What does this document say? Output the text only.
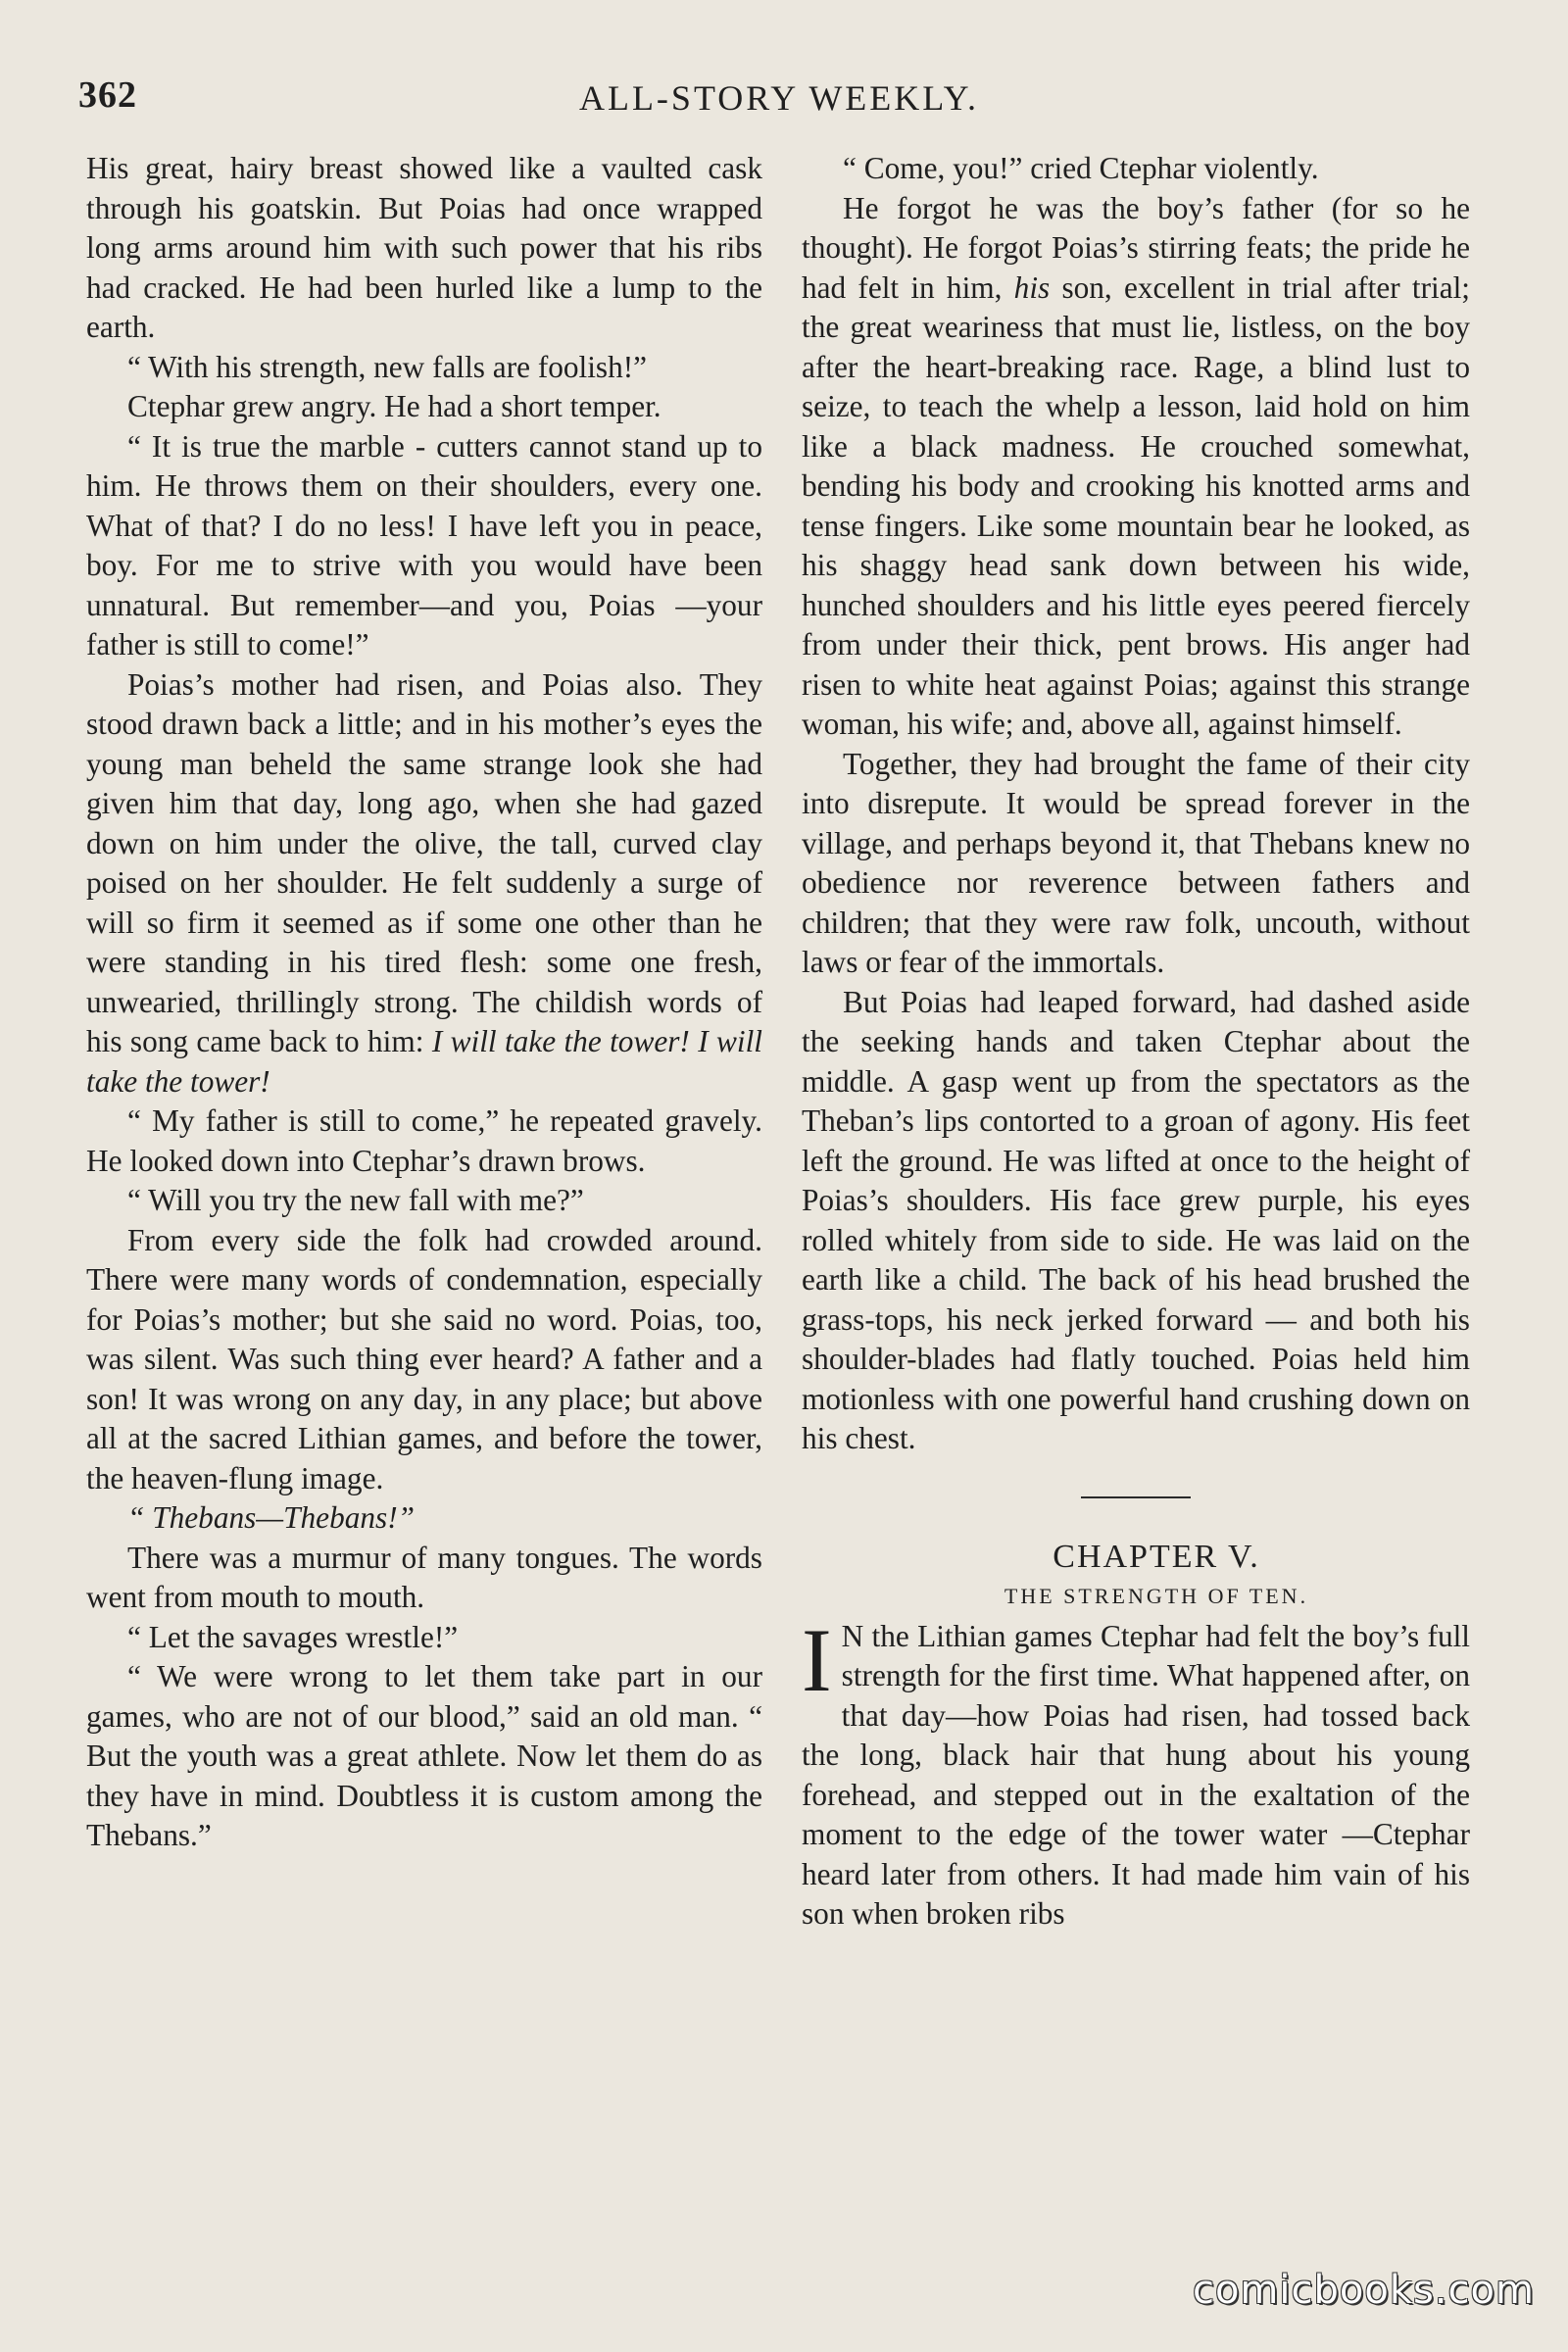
362	ALL-STORY WEEKLY.

His great, hairy breast showed like a vaulted cask through his goatskin. But Poias had once wrapped long arms around him with such power that his ribs had cracked. He had been hurled like a lump to the earth.

“ With his strength, new falls are foolish!”

Ctephar grew angry. He had a short temper.

“ It is true the marble - cutters cannot stand up to him. He throws them on their shoulders, every one. What of that? I do no less! I have left you in peace, boy. For me to strive with you would have been unnatural. But remember—and you, Poias —your father is still to come!”

Poias’s mother had risen, and Poias also. They stood drawn back a little; and in his mother’s eyes the young man beheld the same strange look she had given him that day, long ago, when she had gazed down on him under the olive, the tall, curved clay poised on her shoulder. He felt suddenly a surge of will so firm it seemed as if some one other than he were standing in his tired flesh: some one fresh, unwearied, thrillingly strong. The childish words of his song came back to him: I will take the tower! I will take the tower!

“ My father is still to come,” he repeated gravely. He looked down into Ctephar’s drawn brows.

“ Will you try the new fall with me?”

From every side the folk had crowded around. There were many words of condemnation, especially for Poias’s mother; but she said no word. Poias, too, was silent. Was such thing ever heard? A father and a son! It was wrong on any day, in any place; but above all at the sacred Lithian games, and before the tower, the heaven-flung image.

“ Thebans—Thebans!”

There was a murmur of many tongues. The words went from mouth to mouth.

“ Let the savages wrestle!”

“ We were wrong to let them take part in our games, who are not of our blood,” said an old man. “ But the youth was a great athlete. Now let them do as they have in mind. Doubtless it is custom among the Thebans.”

“ Come, you!” cried Ctephar violently.

He forgot he was the boy’s father (for so he thought). He forgot Poias’s stirring feats; the pride he had felt in him, his son, excellent in trial after trial; the great weariness that must lie, listless, on the boy after the heart-breaking race. Rage, a blind lust to seize, to teach the whelp a lesson, laid hold on him like a black madness. He crouched somewhat, bending his body and crooking his knotted arms and tense fingers. Like some mountain bear he looked, as his shaggy head sank down between his wide, hunched shoulders and his little eyes peered fiercely from under their thick, pent brows. His anger had risen to white heat against Poias; against this strange woman, his wife; and, above all, against himself.

Together, they had brought the fame of their city into disrepute. It would be spread forever in the village, and perhaps beyond it, that Thebans knew no obedience nor reverence between fathers and children; that they were raw folk, uncouth, without laws or fear of the immortals.

But Poias had leaped forward, had dashed aside the seeking hands and taken Ctephar about the middle. A gasp went up from the spectators as the Theban’s lips contorted to a groan of agony. His feet left the ground. He was lifted at once to the height of Poias’s shoulders. His face grew purple, his eyes rolled whitely from side to side. He was laid on the earth like a child. The back of his head brushed the grass-tops, his neck jerked forward — and both his shoulder-blades had flatly touched. Poias held him motionless with one powerful hand crushing down on his chest.

CHAPTER V.

THE STRENGTH OF TEN.

I N the Lithian games Ctephar had felt the boy’s full strength for the first time. What happened after, on that day—how Poias had risen, had tossed back the long, black hair that hung about his young forehead, and stepped out in the exaltation of the moment to the edge of the tower water —Ctephar heard later from others. It had made him vain of his son when broken ribs

comicbooks.com
